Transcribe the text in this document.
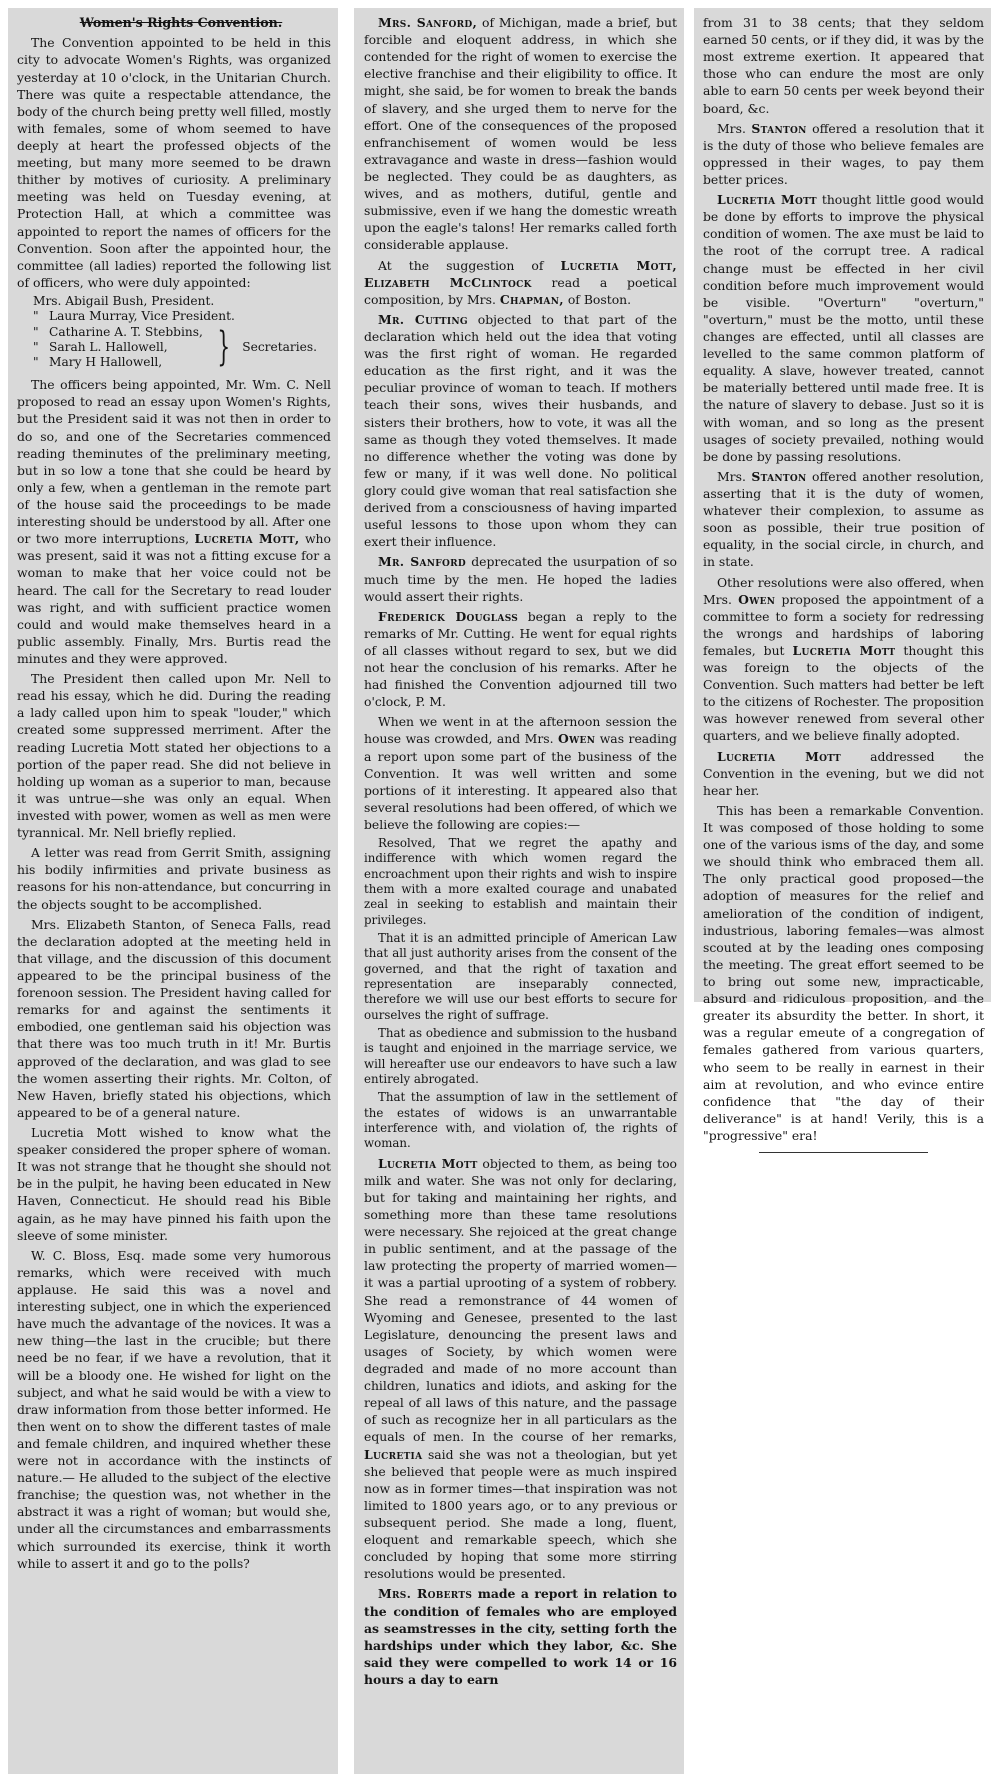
Women's Rights Convention.

The Convention appointed to be held in this city to advocate Women's Rights, was organized yesterday at 10 o'clock, in the Unitarian Church. There was quite a respectable attendance, the body of the church being pretty well filled, mostly with females, some of whom seemed to have deeply at heart the professed objects of the meeting, but many more seemed to be drawn thither by motives of curiosity. A preliminary meeting was held on Tuesday evening, at Protection Hall, at which a committee was appointed to report the names of officers for the Convention. Soon after the appointed hour, the committee (all ladies) reported the following list of officers, who were duly appointed:

Mrs. Abigail Bush, President.
" Laura Murray, Vice President.
" Catharine A. T. Stebbins,
" Sarah L. Hallowell,
" Mary H Hallowell, } Secretaries.

The officers being appointed, Mr. Wm. C. Nell proposed to read an essay upon Women's Rights, but the President said it was not then in order to do so, and one of the Secretaries commenced reading theminutes of the preliminary meeting, but in so low a tone that she could be heard by only a few, when a gentleman in the remote part of the house said the proceedings to be made interesting should be understood by all. After one or two more interruptions, Lucretia Mott, who was present, said it was not a fitting excuse for a woman to make that her voice could not be heard. The call for the Secretary to read louder was right, and with sufficient practice women could and would make themselves heard in a public assembly. Finally, Mrs. Burtis read the minutes and they were approved.

The President then called upon Mr. Nell to read his essay, which he did. During the reading a lady called upon him to speak "louder," which created some suppressed merriment. After the reading Lucretia Mott stated her objections to a portion of the paper read. She did not believe in holding up woman as a superior to man, because it was untrue—she was only an equal. When invested with power, women as well as men were tyrannical. Mr. Nell briefly replied.

A letter was read from Gerrit Smith, assigning his bodily infirmities and private business as reasons for his non-attendance, but concurring in the objects sought to be accomplished.

Mrs. Elizabeth Stanton, of Seneca Falls, read the declaration adopted at the meeting held in that village, and the discussion of this document appeared to be the principal business of the forenoon session. The President having called for remarks for and against the sentiments it embodied, one gentleman said his objection was that there was too much truth in it! Mr. Burtis approved of the declaration, and was glad to see the women asserting their rights. Mr. Colton, of New Haven, briefly stated his objections, which appeared to be of a general nature.

Lucretia Mott wished to know what the speaker considered the proper sphere of woman. It was not strange that he thought she should not be in the pulpit, he having been educated in New Haven, Connecticut. He should read his Bible again, as he may have pinned his faith upon the sleeve of some minister.

W. C. Bloss, Esq. made some very humorous remarks, which were received with much applause. He said this was a novel and interesting subject, one in which the experienced have much the advantage of the novices. It was a new thing—the last in the crucible; but there need be no fear, if we have a revolution, that it will be a bloody one. He wished for light on the subject, and what he said would be with a view to draw information from those better informed. He then went on to show the different tastes of male and female children, and inquired whether these were not in accordance with the instincts of nature.— He alluded to the subject of the elective franchise; the question was, not whether in the abstract it was a right of woman; but would she, under all the circumstances and embarrassments which surrounded its exercise, think it worth while to assert it and go to the polls?

Mrs. Sanford, of Michigan, made a brief, but forcible and eloquent address, in which she contended for the right of women to exercise the elective franchise and their eligibility to office. It might, she said, be for women to break the bands of slavery, and she urged them to nerve for the effort. One of the consequences of the proposed enfranchisement of women would be less extravagance and waste in dress—fashion would be neglected. They could be as daughters, as wives, and as mothers, dutiful, gentle and submissive, even if we hang the domestic wreath upon the eagle's talons! Her remarks called forth considerable applause.

At the suggestion of Lucretia Mott, Elizabeth McClintock read a poetical composition, by Mrs. Chapman, of Boston.

Mr. Cutting objected to that part of the declaration which held out the idea that voting was the first right of woman. He regarded education as the first right, and it was the peculiar province of woman to teach. If mothers teach their sons, wives their husbands, and sisters their brothers, how to vote, it was all the same as though they voted themselves. It made no difference whether the voting was done by few or many, if it was well done. No political glory could give woman that real satisfaction she derived from a consciousness of having imparted useful lessons to those upon whom they can exert their influence.

Mr. Sanford deprecated the usurpation of so much time by the men. He hoped the ladies would assert their rights.

Frederick Douglass began a reply to the remarks of Mr. Cutting. He went for equal rights of all classes without regard to sex, but we did not hear the conclusion of his remarks. After he had finished the Convention adjourned till two o'clock, P. M.

When we went in at the afternoon session the house was crowded, and Mrs. Owen was reading a report upon some part of the business of the Convention. It was well written and some portions of it interesting. It appeared also that several resolutions had been offered, of which we believe the following are copies:—

Resolved, That we regret the apathy and indifference with which women regard the encroachment upon their rights and wish to inspire them with a more exalted courage and unabated zeal in seeking to establish and maintain their privileges.

That it is an admitted principle of American Law that all just authority arises from the consent of the governed, and that the right of taxation and representation are inseparably connected, therefore we will use our best efforts to secure for ourselves the right of suffrage.

That as obedience and submission to the husband is taught and enjoined in the marriage service, we will hereafter use our endeavors to have such a law entirely abrogated.

That the assumption of law in the settlement of the estates of widows is an unwarrantable interference with, and violation of, the rights of woman.

Lucretia Mott objected to them, as being too milk and water. She was not only for declaring, but for taking and maintaining her rights, and something more than these tame resolutions were necessary. She rejoiced at the great change in public sentiment, and at the passage of the law protecting the property of married women—it was a partial uprooting of a system of robbery. She read a remonstrance of 44 women of Wyoming and Genesee, presented to the last Legislature, denouncing the present laws and usages of Society, by which women were degraded and made of no more account than children, lunatics and idiots, and asking for the repeal of all laws of this nature, and the passage of such as recognize her in all particulars as the equals of men. In the course of her remarks, Lucretia said she was not a theologian, but yet she believed that people were as much inspired now as in former times—that inspiration was not limited to 1800 years ago, or to any previous or subsequent period. She made a long, fluent, eloquent and remarkable speech, which she concluded by hoping that some more stirring resolutions would be presented.

Mrs. Roberts made a report in relation to the condition of females who are employed as seamstresses in the city, setting forth the hardships under which they labor, &c. She said they were compelled to work 14 or 16 hours a day to earn

from 31 to 38 cents; that they seldom earned 50 cents, or if they did, it was by the most extreme exertion. It appeared that those who can endure the most are only able to earn 50 cents per week beyond their board, &c.

Mrs. Stanton offered a resolution that it is the duty of those who believe females are oppressed in their wages, to pay them better prices.

Lucretia Mott thought little good would be done by efforts to improve the physical condition of women. The axe must be laid to the root of the corrupt tree. A radical change must be effected in her civil condition before much improvement would be visible. "Overturn" "overturn," "overturn," must be the motto, until these changes are effected, until all classes are levelled to the same common platform of equality. A slave, however treated, cannot be materially bettered until made free. It is the nature of slavery to debase. Just so it is with woman, and so long as the present usages of society prevailed, nothing would be done by passing resolutions.

Mrs. Stanton offered another resolution, asserting that it is the duty of women, whatever their complexion, to assume as soon as possible, their true position of equality, in the social circle, in church, and in state.

Other resolutions were also offered, when Mrs. Owen proposed the appointment of a committee to form a society for redressing the wrongs and hardships of laboring females, but Lucretia Mott thought this was foreign to the objects of the Convention. Such matters had better be left to the citizens of Rochester. The proposition was however renewed from several other quarters, and we believe finally adopted.

Lucretia Mott addressed the Convention in the evening, but we did not hear her.

This has been a remarkable Convention. It was composed of those holding to some one of the various isms of the day, and some we should think who embraced them all. The only practical good proposed—the adoption of measures for the relief and amelioration of the condition of indigent, industrious, laboring females—was almost scouted at by the leading ones composing the meeting. The great effort seemed to be to bring out some new, impracticable, absurd and ridiculous proposition, and the greater its absurdity the better. In short, it was a regular emeute of a congregation of females gathered from various quarters, who seem to be really in earnest in their aim at revolution, and who evince entire confidence that "the day of their deliverance" is at hand! Verily, this is a "progressive" era!
